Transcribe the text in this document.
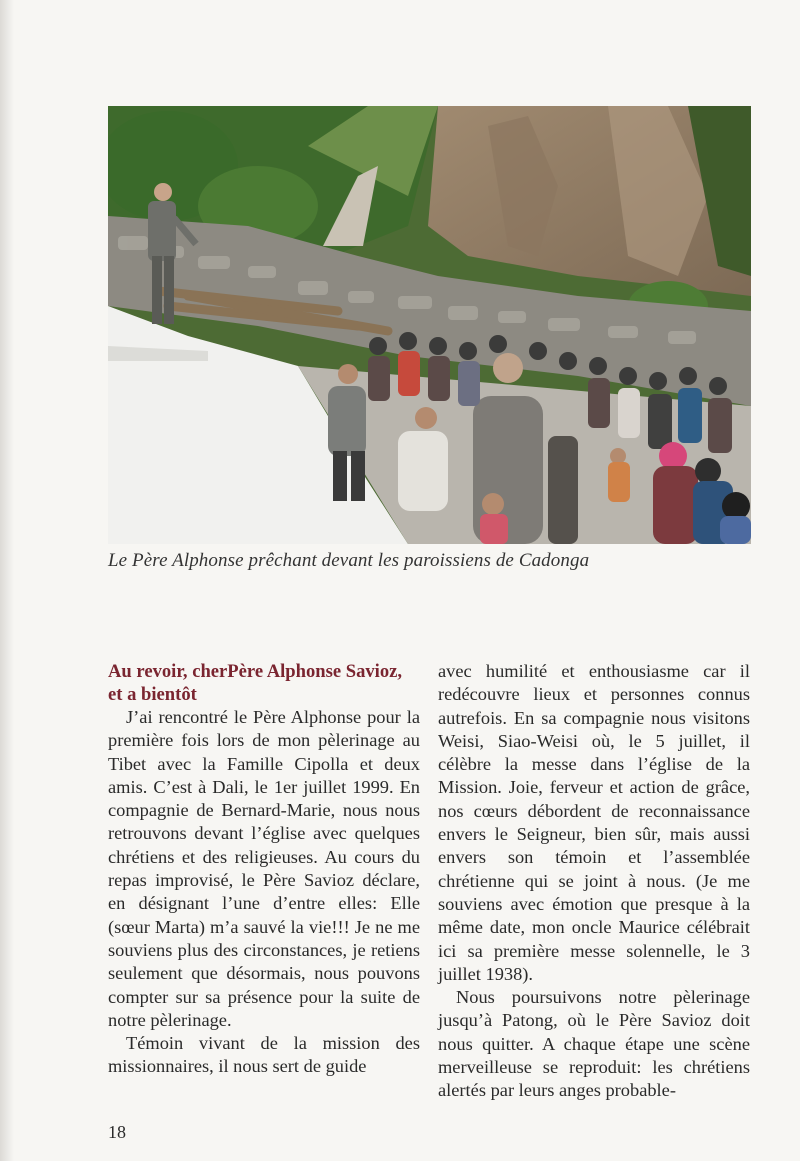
Le Père Alphonse prêchant devant les paroissiens de Cadonga
Au revoir, cherPère Alphonse Savioz,
et a bientôt

J’ai rencontré le Père Alphonse pour la première fois lors de mon pèlerinage au Tibet avec la Famille Cipolla et deux amis. C’est à Dali, le 1er juillet 1999. En compagnie de Bernard-Marie, nous nous retrouvons devant l’église avec quelques chrétiens et des religieuses. Au cours du repas improvisé, le Père Savioz déclare, en désignant l’une d’entre elles: Elle (sœur Marta) m’a sauvé la vie!!! Je ne me souviens plus des circonstances, je retiens seulement que désormais, nous pouvons compter sur sa présence pour la suite de notre pèlerinage.

Témoin vivant de la mission des missionnaires, il nous sert de guide

avec humilité et enthousiasme car il redécouvre lieux et personnes connus autrefois. En sa compagnie nous visitons Weisi, Siao-Weisi où, le 5 juillet, il célèbre la messe dans l’église de la Mission. Joie, ferveur et action de grâce, nos cœurs débordent de reconnaissance envers le Seigneur, bien sûr, mais aussi envers son témoin et l’assemblée chrétienne qui se joint à nous. (Je me souviens avec émotion que presque à la même date, mon oncle Maurice célébrait ici sa première messe solennelle, le 3 juillet 1938).

Nous poursuivons notre pèlerinage jusqu’à Patong, où le Père Savioz doit nous quitter. A chaque étape une scène merveilleuse se reproduit: les chrétiens alertés par leurs anges probable-

18
